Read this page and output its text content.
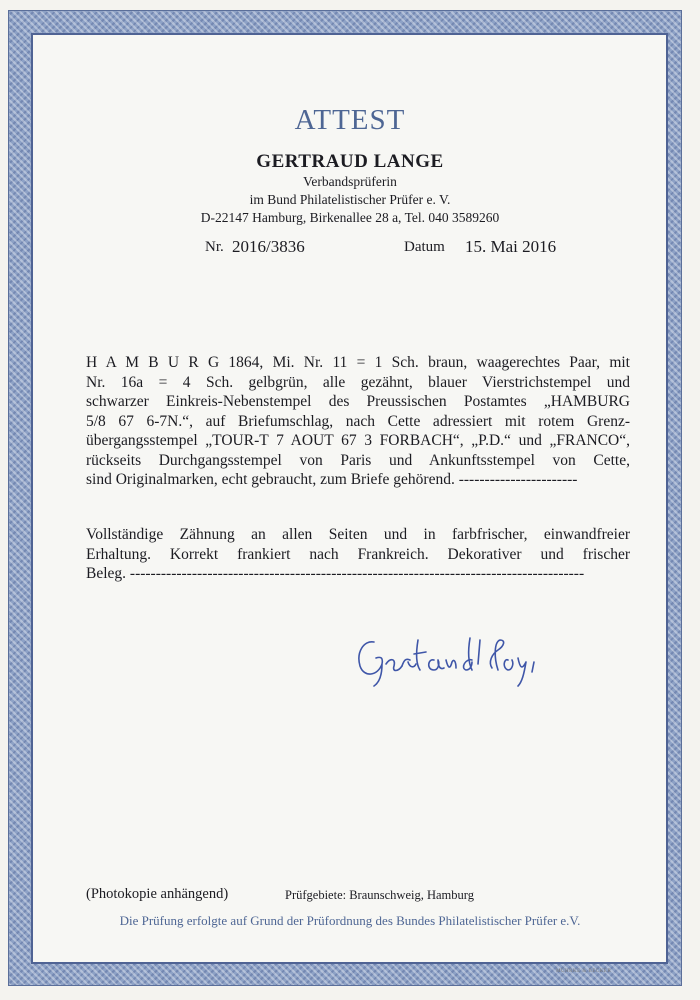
ATTEST
GERTRAUD LANGE
Verbandsprüferin
im Bund Philatelistischer Prüfer e. V.
D-22147 Hamburg, Birkenallee 28 a, Tel. 040 3589260
Nr. 2016/3836	Datum 15. Mai 2016
H A M B U R G 1864, Mi. Nr. 11 = 1 Sch. braun, waagerechtes Paar, mit
Nr. 16a = 4 Sch. gelbgrün, alle gezähnt, blauer Vierstrichstempel und
schwarzer Einkreis-Nebenstempel des Preussischen Postamtes „HAMBURG
5/8 67 6-7N.“, auf Briefumschlag, nach Cette adressiert mit rotem Grenz-
übergangsstempel „TOUR-T 7 AOUT 67 3 FORBACH“, „P.D.“ und „FRANCO“,
rückseits Durchgangsstempel von Paris und Ankunftsstempel von Cette,
sind Originalmarken, echt gebraucht, zum Briefe gehörend. -----------------------
Vollständige Zähnung an allen Seiten und in farbfrischer, einwandfreier
Erhaltung. Korrekt frankiert nach Frankreich. Dekorativer und frischer
Beleg. ----------------------------------------------------------------------------------------
(Photokopie anhängend)	Prüfgebiete: Braunschweig, Hamburg
Die Prüfung erfolgte auf Grund der Prüfordnung des Bundes Philatelistischer Prüfer e.V.
MÜHRKE & BECKER
